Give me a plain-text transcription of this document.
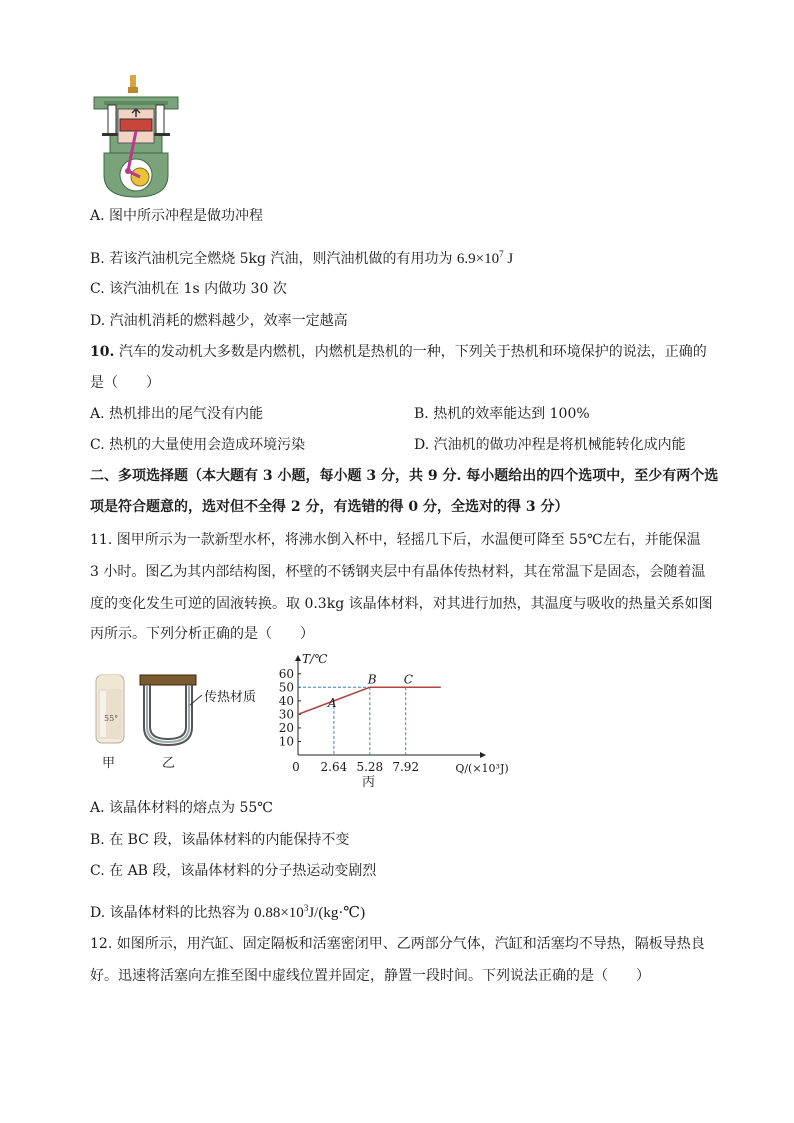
A. 图中所示冲程是做功冲程
B. 若该汽油机完全燃烧 5kg 汽油，则汽油机做的有用功为 $6.9\times 10^7$ J
C. 该汽油机在 1s 内做功 30 次
D. 汽油机消耗的燃料越少，效率一定越高
10. 汽车的发动机大多数是内燃机，内燃机是热机的一种，下列关于热机和环境保护的说法，正确的
是（　　）
A. 热机排出的尾气没有内能	B. 热机的效率能达到 100%
C. 热机的大量使用会造成环境污染	D. 汽油机的做功冲程是将机械能转化成内能
二、多项选择题（本大题有 3 小题，每小题 3 分，共 9 分. 每小题给出的四个选项中，至少有两个选
项是符合题意的，选对但不全得 2 分，有选错的得 0 分，全选对的得 3 分）
11. 图甲所示为一款新型水杯，将沸水倒入杯中，轻摇几下后，水温便可降至 55℃左右，并能保温
3 小时。图乙为其内部结构图，杯壁的不锈钢夹层中有晶体传热材料，其在常温下是固态，会随着温
度的变化发生可逆的固液转换。取 0.3kg 该晶体材料，对其进行加热，其温度与吸收的热量关系如图
丙所示。下列分析正确的是（　　）
55°
甲
传热材质
乙
10
20
30
40
50
60
0 2.64 5.28 7.92
A
B C
T/℃
Q/(×10³J)
丙
A. 该晶体材料的熔点为 55℃
B. 在 BC 段，该晶体材料的内能保持不变
C. 在 AB 段，该晶体材料的分子热运动变剧烈
D. 该晶体材料的比热容为 $0.88\times 10^3J/(kg\cdot℃)$
12. 如图所示，用汽缸、固定隔板和活塞密闭甲、乙两部分气体，汽缸和活塞均不导热，隔板导热良
好。迅速将活塞向左推至图中虚线位置并固定，静置一段时间。下列说法正确的是（　　）
